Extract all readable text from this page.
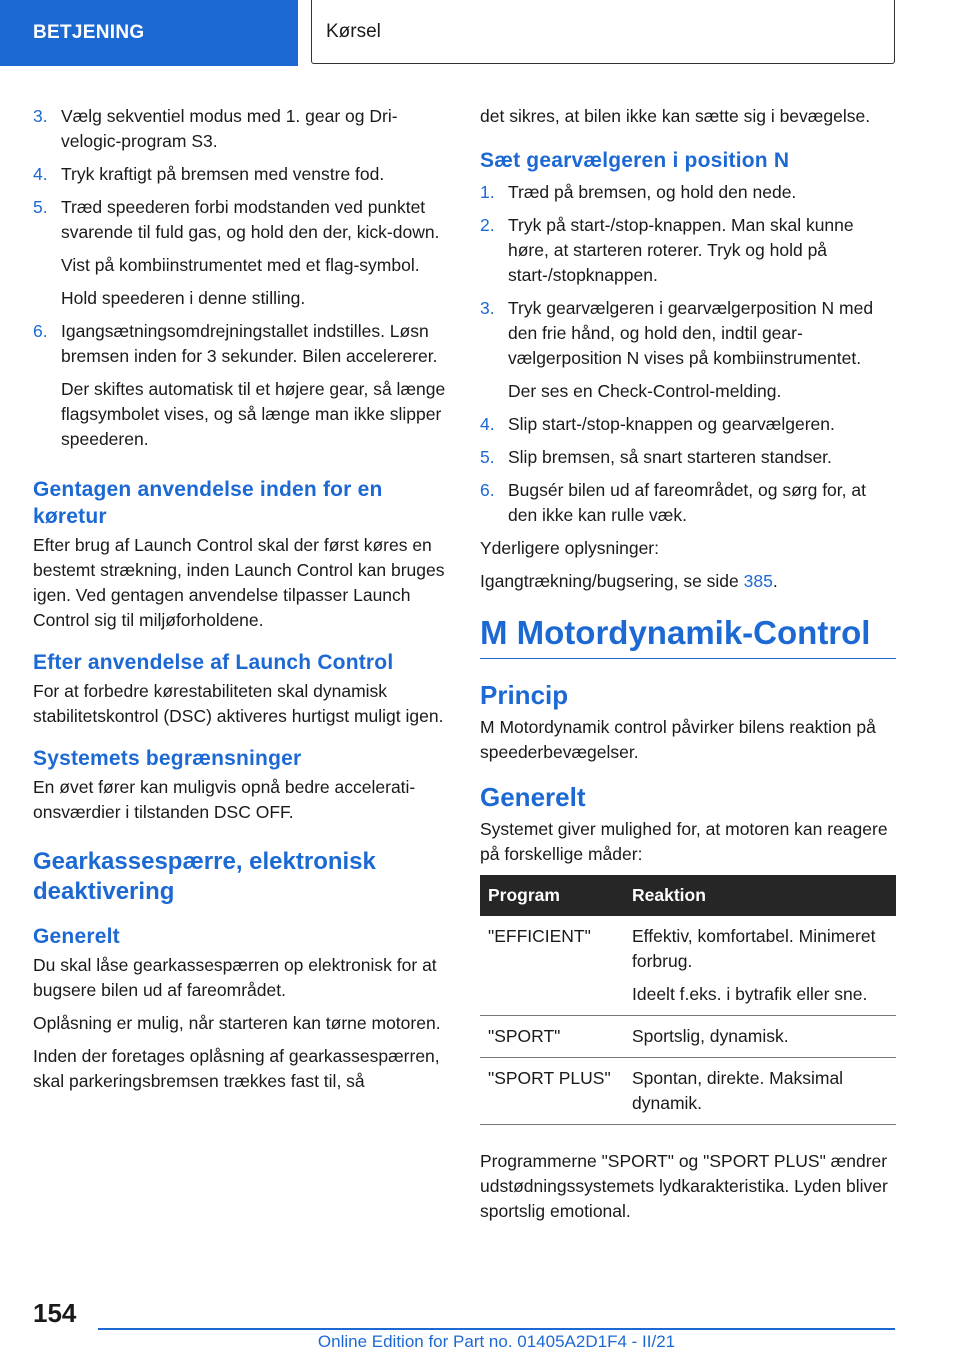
BETJENING	Kørsel
3. Vælg sekventiel modus med 1. gear og Drivelogic-program S3.
4. Tryk kraftigt på bremsen med venstre fod.
5. Træd speederen forbi modstanden ved punktet svarende til fuld gas, og hold den der, kick-down.
Vist på kombiinstrumentet med et flag-symbol.
Hold speederen i denne stilling.
6. Igangsætningsomdrejningstallet indstilles. Løsn bremsen inden for 3 sekunder. Bilen accelererer.
Der skiftes automatisk til et højere gear, så længe flagsymbolet vises, og så længe man ikke slipper speederen.
Gentagen anvendelse inden for en køretur
Efter brug af Launch Control skal der først køres en bestemt strækning, inden Launch Control kan bruges igen. Ved gentagen anvendelse tilpasser Launch Control sig til miljøforholdene.
Efter anvendelse af Launch Control
For at forbedre kørestabiliteten skal dynamisk stabilitetskontrol (DSC) aktiveres hurtigst muligt igen.
Systemets begrænsninger
En øvet fører kan muligvis opnå bedre accelerationsværdier i tilstanden DSC OFF.
Gearkassespærre, elektronisk deaktivering
Generelt
Du skal låse gearkassespærren op elektronisk for at bugsere bilen ud af fareområdet.
Oplåsning er mulig, når starteren kan tørne motoren.
Inden der foretages oplåsning af gearkassespærren, skal parkeringsbremsen trækkes fast til, så
det sikres, at bilen ikke kan sætte sig i bevægelse.
Sæt gearvælgeren i position N
1. Træd på bremsen, og hold den nede.
2. Tryk på start-/stop-knappen. Man skal kunne høre, at starteren roterer. Tryk og hold på start-/stopknappen.
3. Tryk gearvælgeren i gearvælgerposition N med den frie hånd, og hold den, indtil gearvælgerposition N vises på kombiinstrumentet.
Der ses en Check-Control-melding.
4. Slip start-/stop-knappen og gearvælgeren.
5. Slip bremsen, så snart starteren standser.
6. Bugsér bilen ud af fareområdet, og sørg for, at den ikke kan rulle væk.
Yderligere oplysninger:
Igangtrækning/bugsering, se side 385.
M Motordynamik-Control
Princip
M Motordynamik control påvirker bilens reaktion på speederbevægelser.
Generelt
Systemet giver mulighed for, at motoren kan reagere på forskellige måder:
Program	Reaktion
"EFFICIENT"	Effektiv, komfortabel. Minimeret forbrug.

Ideelt f.eks. i bytrafik eller sne.

"SPORT"	Sportslig, dynamisk.

"SPORT PLUS"	Spontan, direkte. Maksimal dynamik.

Programmerne "SPORT" og "SPORT PLUS" ændrer udstødningssystemets lydkarakteristika. Lyden bliver sportslig emotional.
154
Online Edition for Part no. 01405A2D1F4 - II/21
